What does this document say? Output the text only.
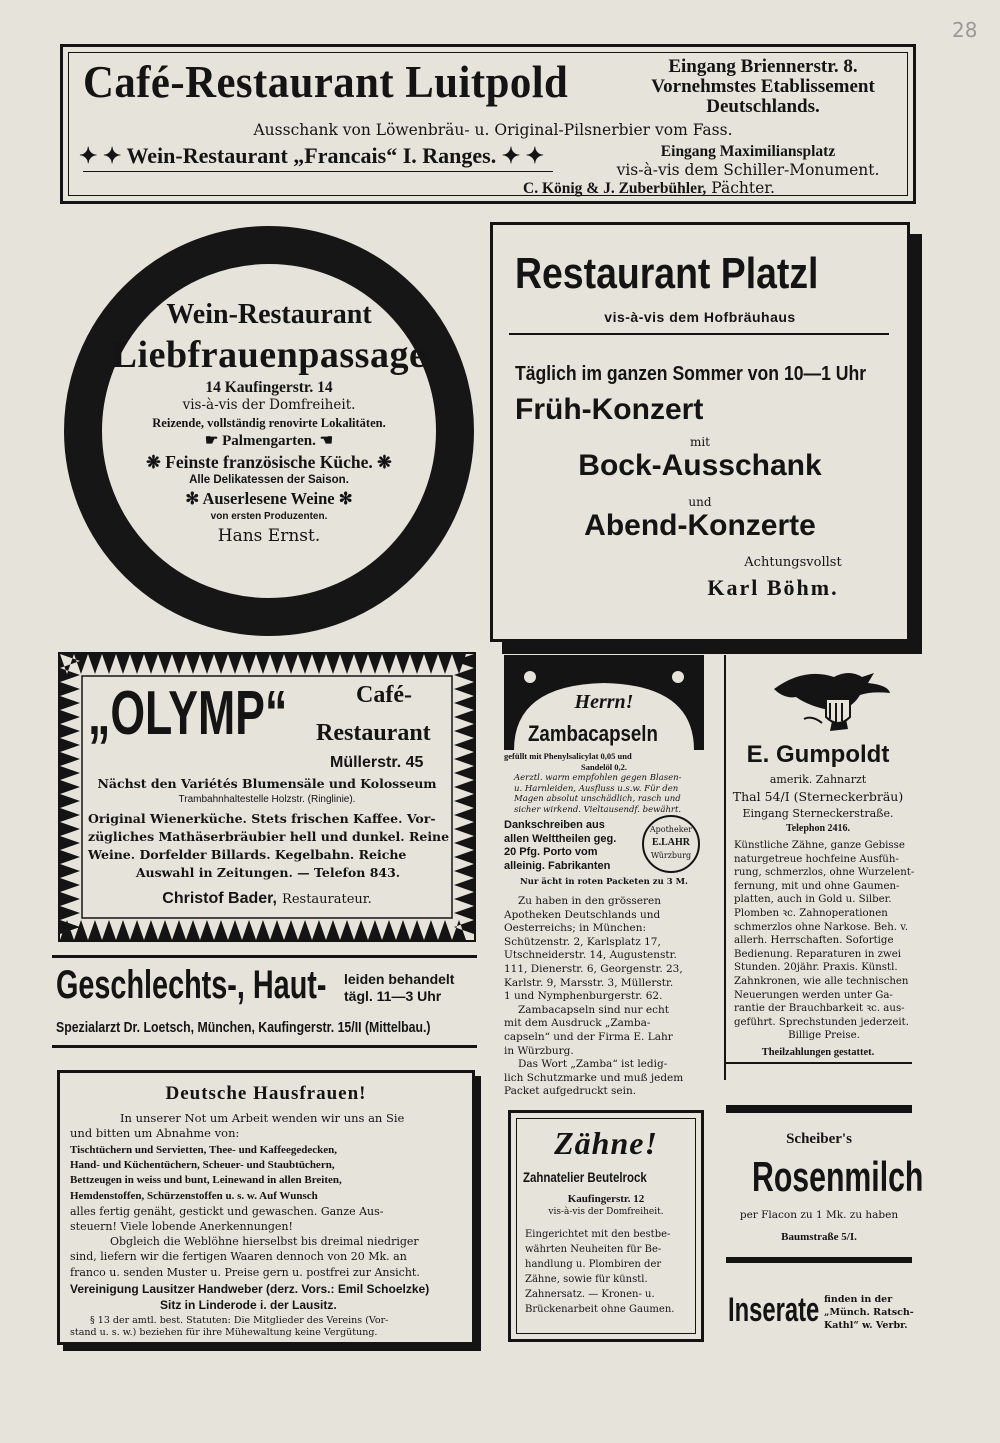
28
Café-Restaurant Luitpold	Eingang Briennerstr. 8.
Vornehmstes Etablissement
Deutschlands.
Ausschank von Löwenbräu- u. Original-Pilsnerbier vom Fass.
✦ ✦ Wein-Restaurant „Francais“ I. Ranges. ✦ ✦	Eingang Maximiliansplatz
vis-à-vis dem Schiller-Monument.
C. König & J. Zuberbühler, Pächter.
Wein-Restaurant
Liebfrauenpassage
14 Kaufingerstr. 14
vis-à-vis der Domfreiheit.
Reizende, vollständig renovirte Lokalitäten.
☛ Palmengarten. ☚
❋ Feinste französische Küche. ❋
Alle Delikatessen der Saison.
✻ Auserlesene Weine ✻
von ersten Produzenten.
Hans Ernst.
Restaurant Platzl
vis-à-vis dem Hofbräuhaus
Täglich im ganzen Sommer von 10—1 Uhr
Früh-Konzert
mit
Bock-Ausschank
und
Abend-Konzerte
Achtungsvollst
Karl Böhm.
„OLYMP“	Café-
Restaurant
Müllerstr. 45
Nächst den Variétés Blumensäle und Kolosseum
Trambahnhaltestelle Holzstr. (Ringlinie).
Original Wienerküche. Stets frischen Kaffee. Vor-
zügliches Mathäserbräubier hell und dunkel. Reine
Weine. Dorfelder Billards. Kegelbahn. Reiche
Auswahl in Zeitungen. — Telefon 843.
Christof Bader, Restaurateur.
Geschlechts-, Haut- leiden behandelt
tägl. 11—3 Uhr
Spezialarzt Dr. Loetsch, München, Kaufingerstr. 15/II (Mittelbau.)
Deutsche Hausfrauen!
In unserer Not um Arbeit wenden wir uns an Sie
und bitten um Abnahme von:
Tischtüchern und Servietten, Thee- und Kaffeegedecken,
Hand- und Küchentüchern, Scheuer- und Staubtüchern,
Bettzeugen in weiss und bunt, Leinewand in allen Breiten,
Hemdenstoffen, Schürzenstoffen u. s. w. Auf Wunsch
alles fertig genäht, gestickt und gewaschen. Ganze Aus-
steuern! Viele lobende Anerkennungen!
Obgleich die Weblöhne hierselbst bis dreimal niedriger
sind, liefern wir die fertigen Waaren dennoch von 20 Mk. an
franco u. senden Muster u. Preise gern u. postfrei zur Ansicht.
Vereinigung Lausitzer Handweber (derz. Vors.: Emil Schoelzke)
Sitz in Linderode i. der Lausitz.
§ 13 der amtl. best. Statuten: Die Mitglieder des Vereins (Vor-
stand u. s. w.) beziehen für ihre Mühewaltung keine Vergütung.
Herrn!
Zambacapseln
gefüllt mit Phenylsalicylat 0,05 und
Sandelöl 0,2.
Aerztl. warm empfohlen gegen Blasen-
u. Harnleiden, Ausfluss u.s.w. Für den
Magen absolut unschädlich, rasch und
sicher wirkend. Vieltausendf. bewährt.
Dankschreiben aus
allen Welttheilen geg.
20 Pfg. Porto vom
alleinig. Fabrikanten
Apotheker
E.LAHR
Würzburg
Nur ächt in roten Packeten zu 3 M.
Zu haben in den grösseren
Apotheken Deutschlands und
Oesterreichs; in München:
Schützenstr. 2, Karlsplatz 17,
Utschneiderstr. 14, Augustenstr.
111, Dienerstr. 6, Georgenstr. 23,
Karlstr. 9, Marsstr. 3, Müllerstr.
1 und Nymphenburgerstr. 62.
Zambacapseln sind nur echt
mit dem Ausdruck „Zamba-
capseln“ und der Firma E. Lahr
in Würzburg.
Das Wort „Zamba“ ist ledig-
lich Schutzmarke und muß jedem
Packet aufgedruckt sein.
E. Gumpoldt
amerik. Zahnarzt
Thal 54/I (Sterneckerbräu)
Eingang Sterneckerstraße.
Telephon 2416.
Künstliche Zähne, ganze Gebisse
naturgetreue hochfeine Ausfüh-
rung, schmerzlos, ohne Wurzelent-
fernung, mit und ohne Gaumen-
platten, auch in Gold u. Silber.
Plomben ꝛc. Zahnoperationen
schmerzlos ohne Narkose. Beh. v.
allerh. Herrschaften. Sofortige
Bedienung. Reparaturen in zwei
Stunden. 20jähr. Praxis. Künstl.
Zahnkronen, wie alle technischen
Neuerungen werden unter Ga-
rantie der Brauchbarkeit ꝛc. aus-
geführt. Sprechstunden jederzeit.
Billige Preise.
Theilzahlungen gestattet.
Zähne!
Zahnatelier Beutelrock
Kaufingerstr. 12
vis-à-vis der Domfreiheit.
Eingerichtet mit den bestbe-
währten Neuheiten für Be-
handlung u. Plombiren der
Zähne, sowie für künstl.
Zahnersatz. — Kronen- u.
Brückenarbeit ohne Gaumen.
Scheiber's
Rosenmilch
per Flacon zu 1 Mk. zu haben
Baumstraße 5/I.
Inserate finden in der
„Münch. Ratsch-
Kathl“ w. Verbr.
